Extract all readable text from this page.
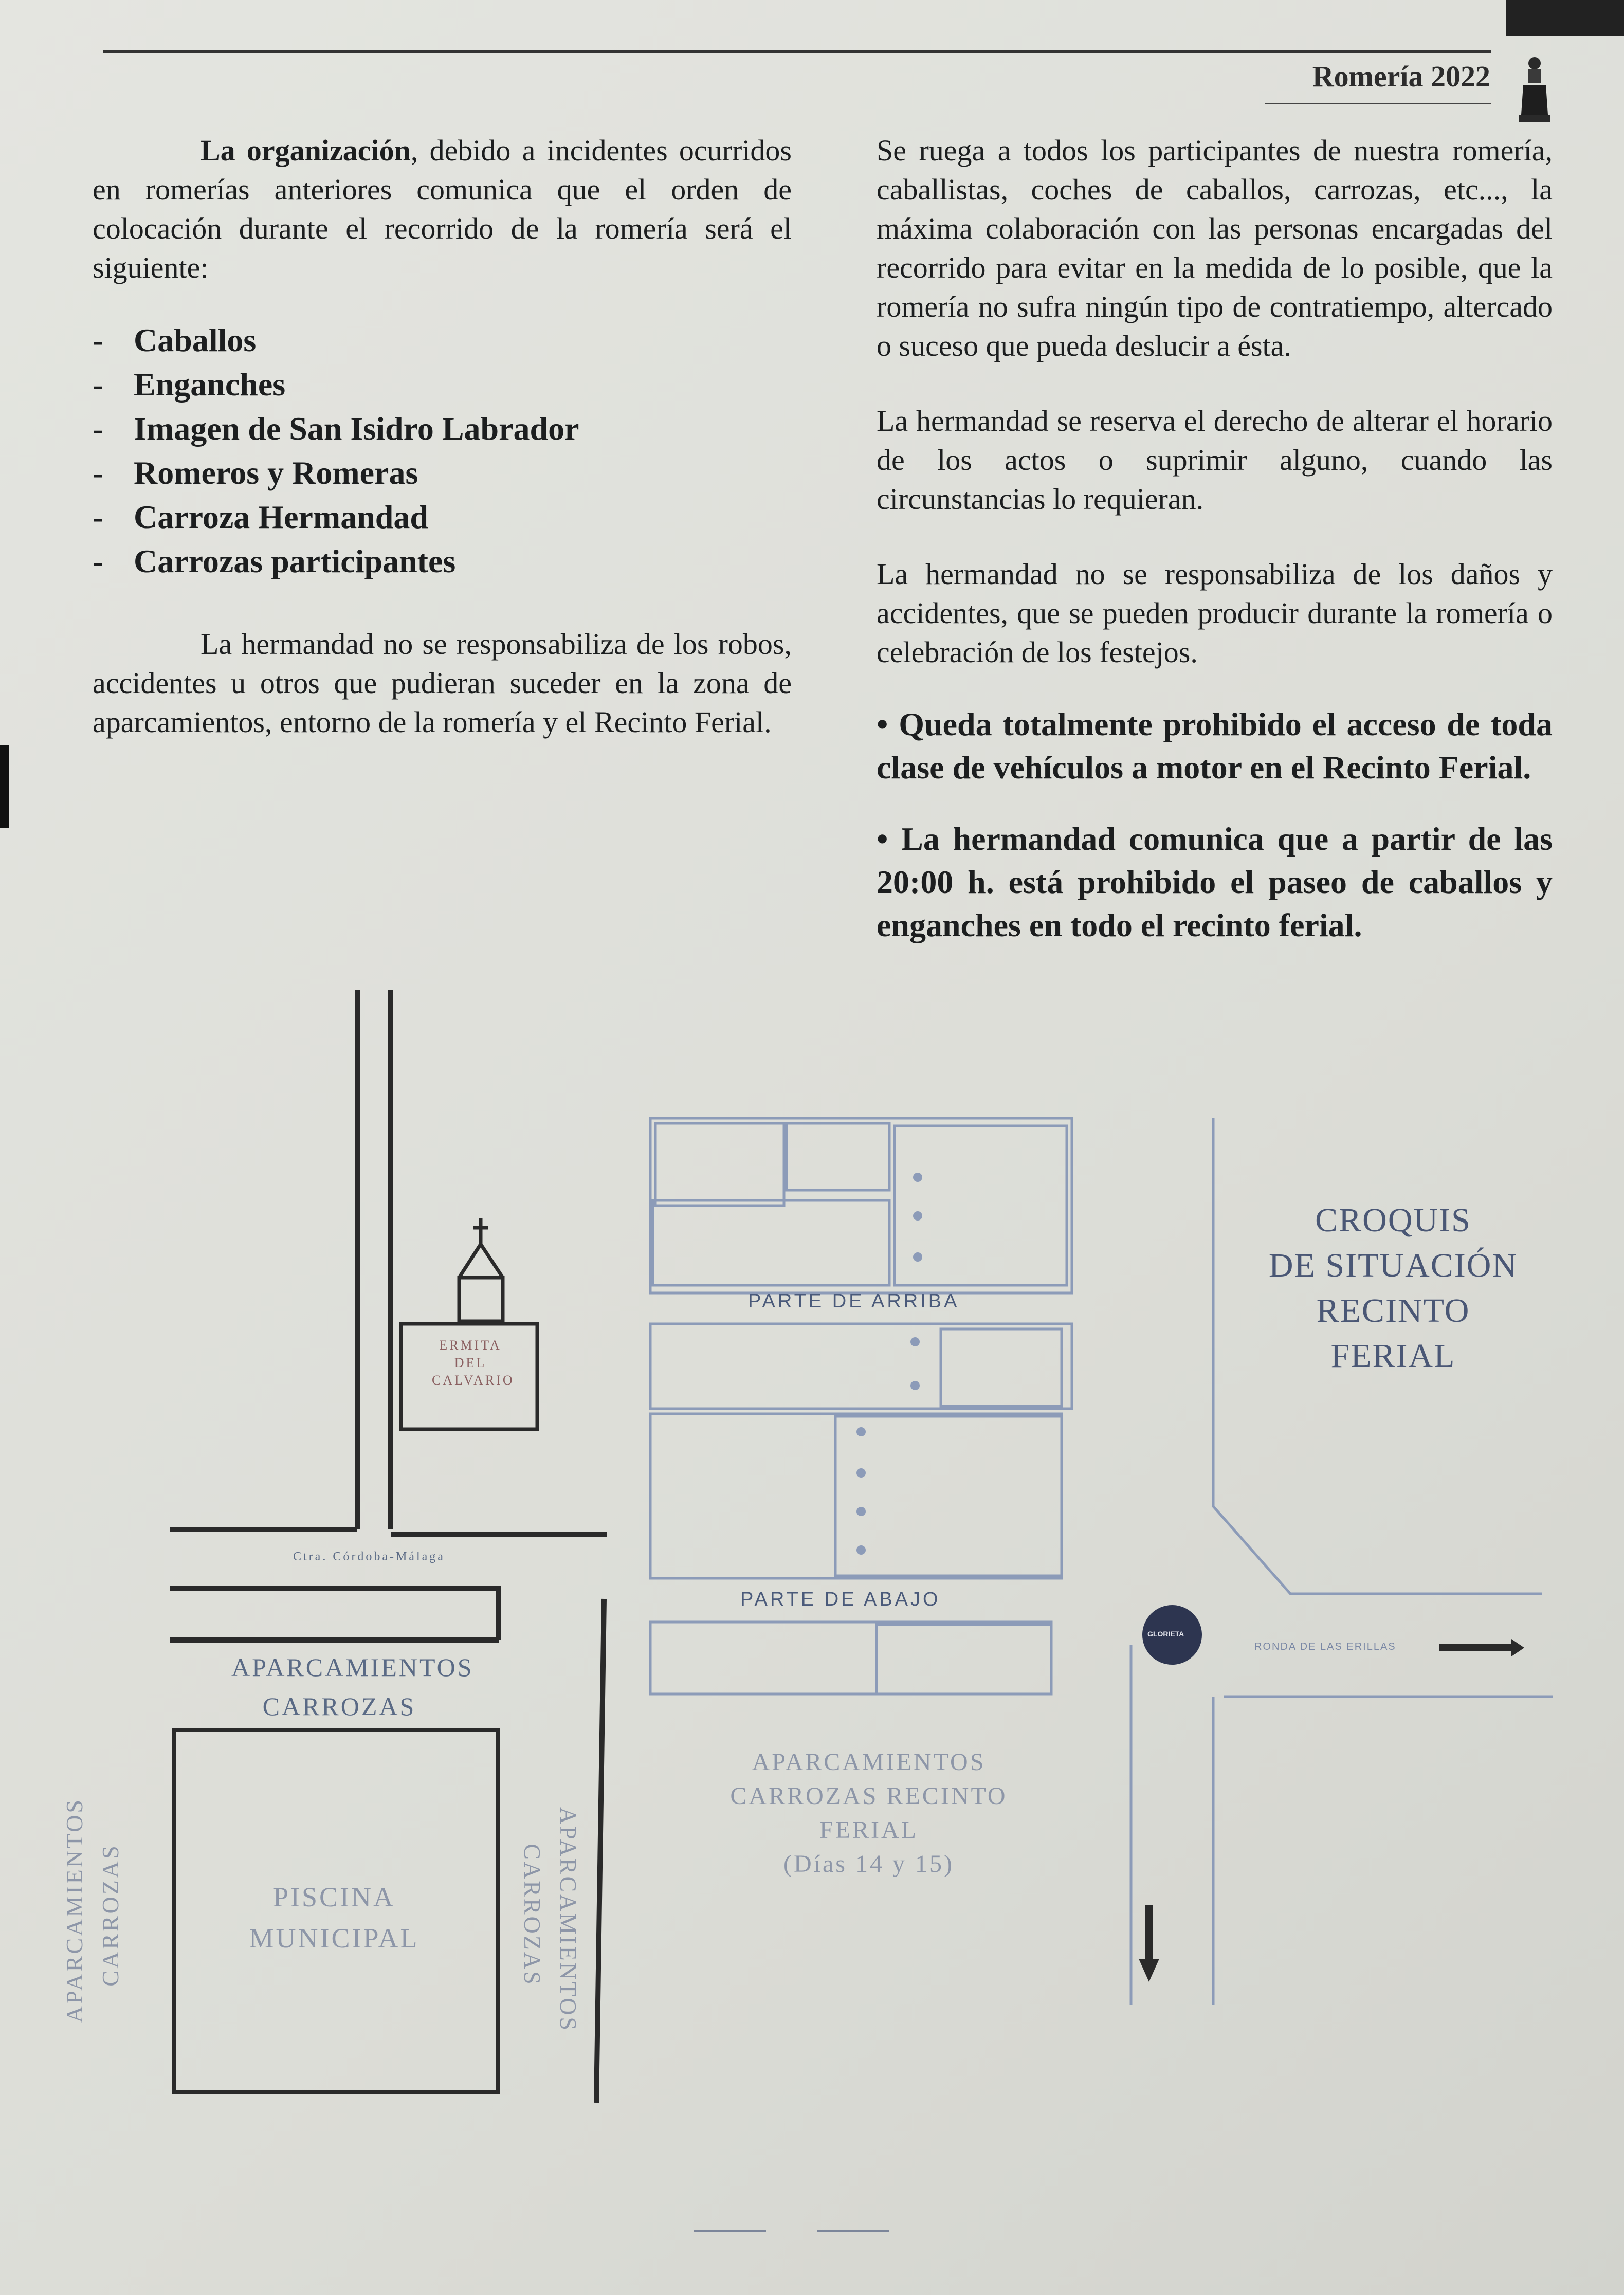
Romería 2022

La organización, debido a incidentes ocurridos en romerías anteriores comunica que el orden de colocación durante el recorrido de la romería será el siguiente:

- Caballos
- Enganches
- Imagen de San Isidro Labrador
- Romeros y Romeras
- Carroza Hermandad
- Carrozas participantes

La hermandad no se responsabiliza de los robos, accidentes u otros que pudieran suceder en la zona de aparcamientos, entorno de la romería y el Recinto Ferial.

Se ruega a todos los participantes de nuestra romería, caballistas, coches de caballos, carrozas, etc..., la máxima colaboración con las personas encargadas del recorrido para evitar en la medida de lo posible, que la romería no sufra ningún tipo de contratiempo, altercado o suceso que pueda deslucir a ésta.

La hermandad se reserva el derecho de alterar el horario de los actos o suprimir alguno, cuando las circunstancias lo requieran.

La hermandad no se responsabiliza de los daños y accidentes, que se pueden producir durante la romería o celebración de los festejos.

• Queda totalmente prohibido el acceso de toda clase de vehículos a motor en el Recinto Ferial.

• La hermandad comunica que a partir de las 20:00 h. está prohibido el paseo de caballos y enganches en todo el recinto ferial.

ERMITA
DEL
CALVARIO
Ctra. Córdoba-Málaga
PARTE DE ARRIBA
PARTE DE ABAJO
APARCAMIENTOS
CARROZAS
PISCINA
MUNICIPAL
APARCAMIENTOS CARROZAS	APARCAMIENTOS
CARROZAS
APARCAMIENTOS
CARROZAS RECINTO FERIAL
(Días 14 y 15)
GLORIETA
RONDA DE LAS ERILLAS
CROQUIS
DE SITUACIÓN
RECINTO
FERIAL
